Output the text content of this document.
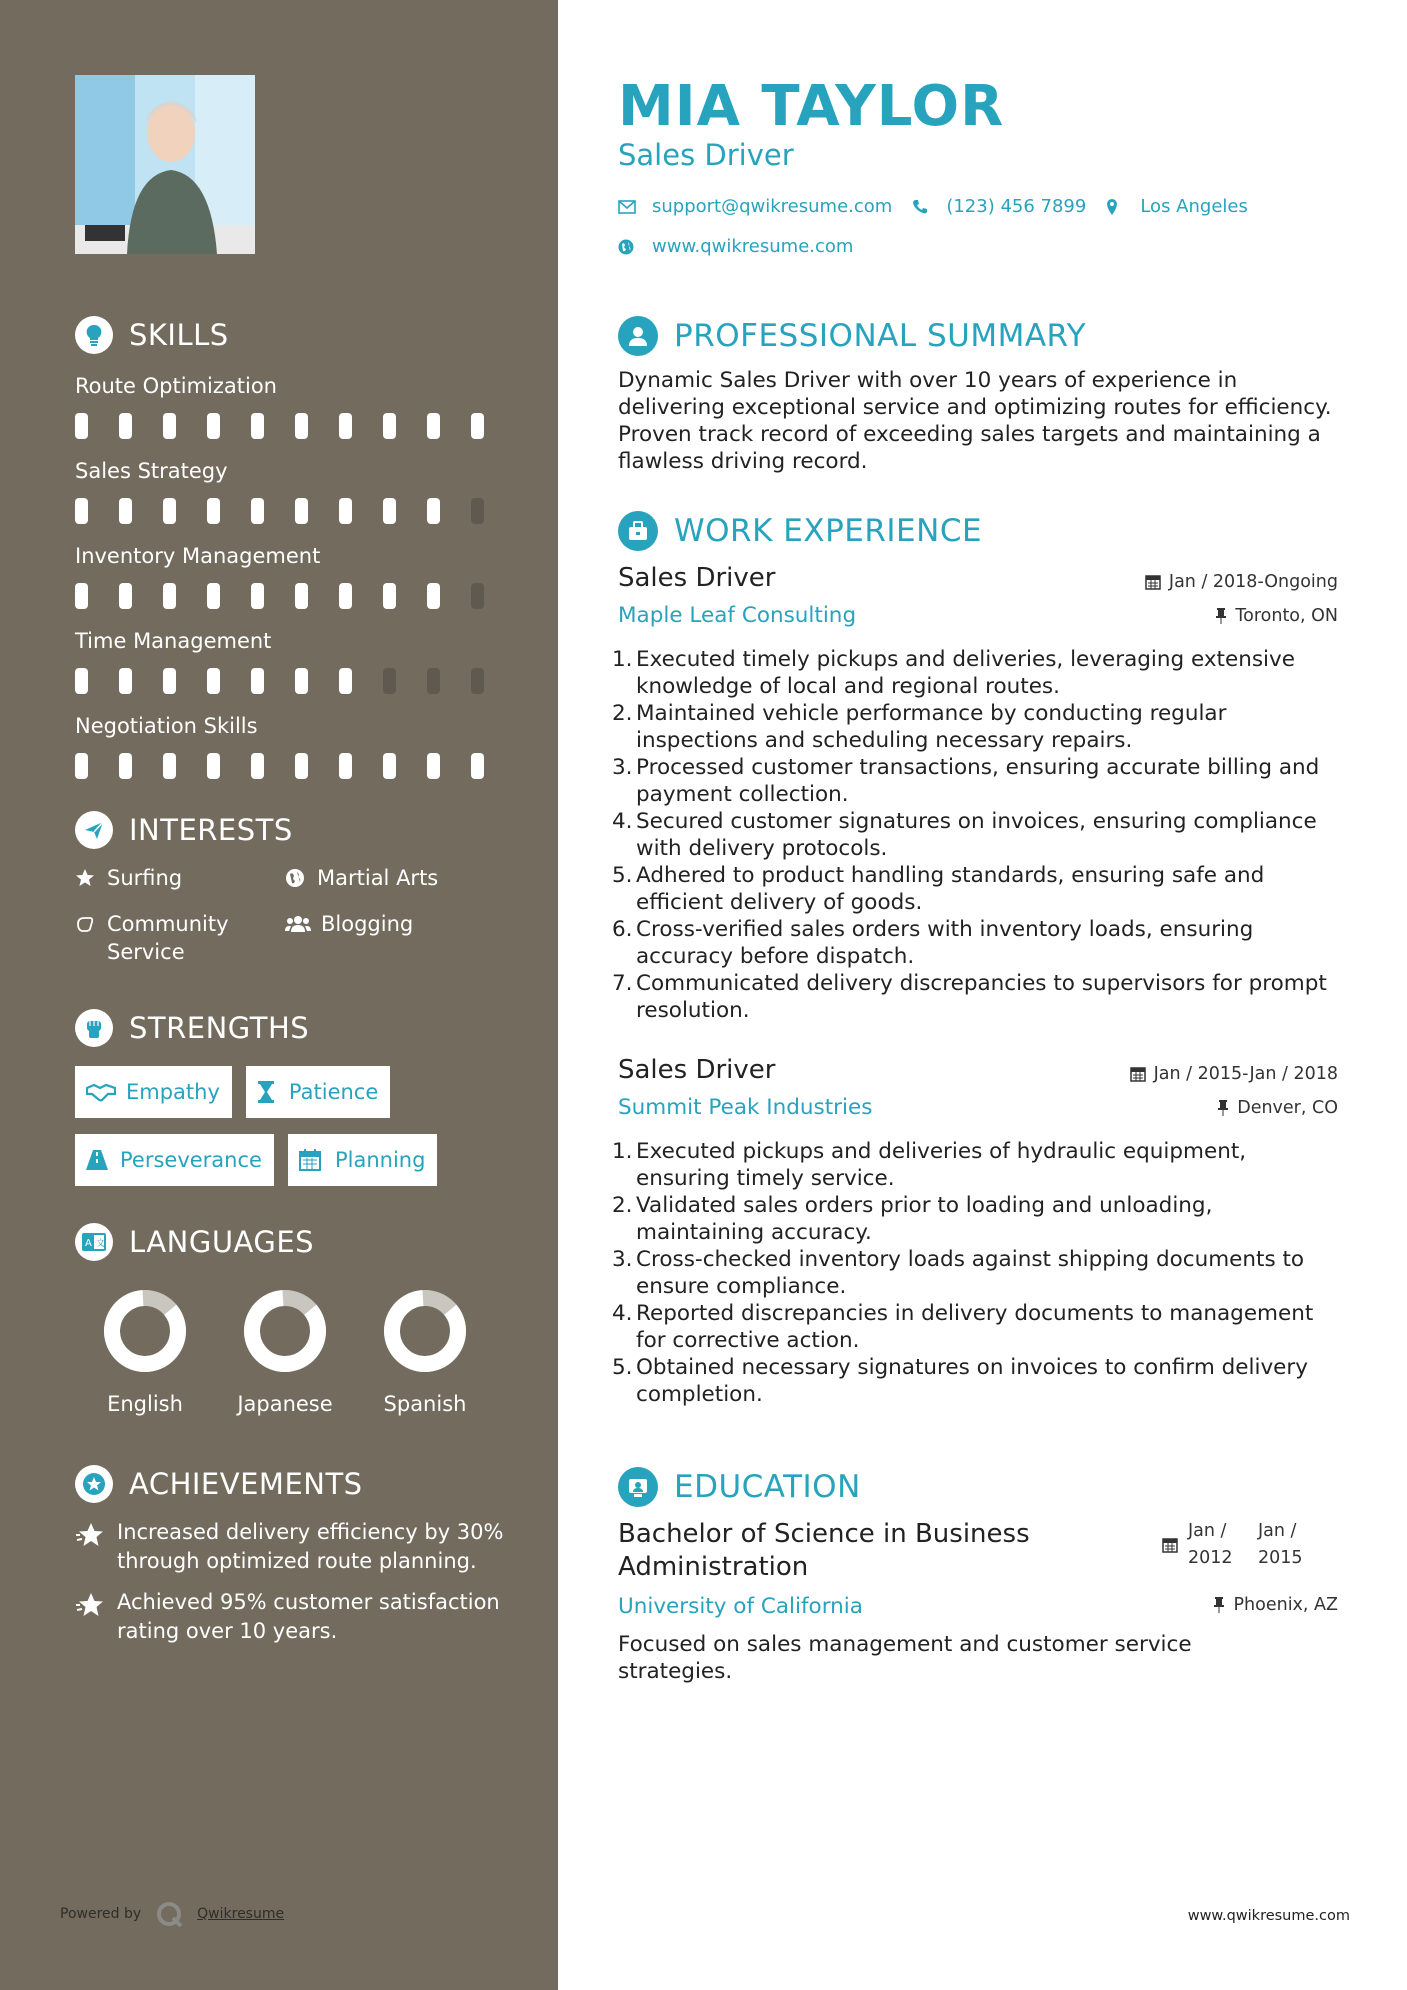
SKILLS
Route Optimization
Sales Strategy
Inventory Management
Time Management
Negotiation Skills
INTERESTS
Surfing	Martial Arts
Community Service
Blogging
STRENGTHS
Empathy	Patience
Perseverance	Planning
A 文 LANGUAGES
English	Japanese	Spanish
ACHIEVEMENTS
Increased delivery efficiency by 30% through optimized route planning.
Achieved 95% customer satisfaction rating over 10 years.
Powered by	Qwikresume
MIA TAYLOR
Sales Driver
support@qwikresume.com	(123) 456 7899	Los Angeles
www.qwikresume.com
PROFESSIONAL SUMMARY
Dynamic Sales Driver with over 10 years of experience in delivering exceptional service and optimizing routes for efficiency. Proven track record of exceeding sales targets and maintaining a flawless driving record.
WORK EXPERIENCE
Sales Driver
Maple Leaf Consulting
Jan / 2018-Ongoing
Toronto, ON
1. Executed timely pickups and deliveries, leveraging extensive knowledge of local and regional routes.
2. Maintained vehicle performance by conducting regular inspections and scheduling necessary repairs.
3. Processed customer transactions, ensuring accurate billing and payment collection.
4. Secured customer signatures on invoices, ensuring compliance with delivery protocols.
5. Adhered to product handling standards, ensuring safe and efficient delivery of goods.
6. Cross-verified sales orders with inventory loads, ensuring accuracy before dispatch.
7. Communicated delivery discrepancies to supervisors for prompt resolution.
Sales Driver
Summit Peak Industries
Jan / 2015-Jan / 2018
Denver, CO
1. Executed pickups and deliveries of hydraulic equipment, ensuring timely service.
2. Validated sales orders prior to loading and unloading, maintaining accuracy.
3. Cross-checked inventory loads against shipping documents to ensure compliance.
4. Reported discrepancies in delivery documents to management for corrective action.
5. Obtained necessary signatures on invoices to confirm delivery completion.
EDUCATION
Bachelor of Science in Business Administration
University of California
Jan /
2012
Jan /
2015
Phoenix, AZ
Focused on sales management and customer service strategies.
www.qwikresume.com
